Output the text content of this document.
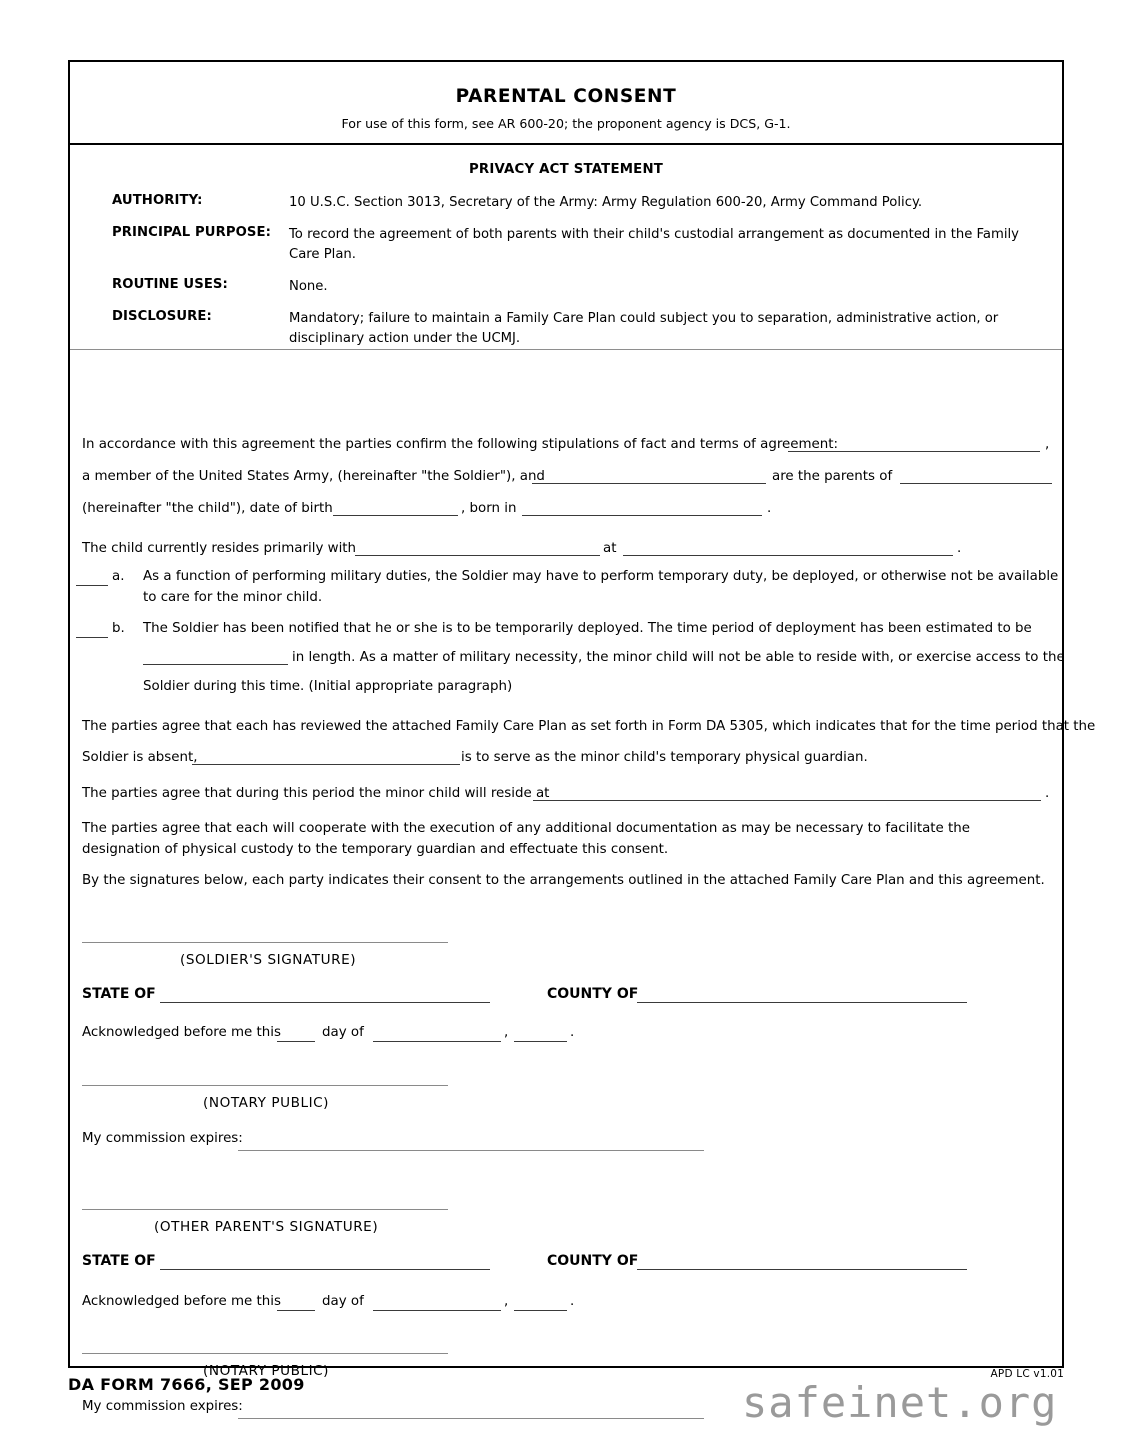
PARENTAL CONSENT
For use of this form, see AR 600-20; the proponent agency is DCS, G-1.
PRIVACY ACT STATEMENT
AUTHORITY:	10 U.S.C. Section 3013, Secretary of the Army: Army Regulation 600-20, Army Command Policy.
PRINCIPAL PURPOSE: To record the agreement of both parents with their child's custodial arrangement as documented in the Family Care Plan.
ROUTINE USES:	None.
DISCLOSURE:	Mandatory; failure to maintain a Family Care Plan could subject you to separation, administrative action, or disciplinary action under the UCMJ.
In accordance with this agreement the parties confirm the following stipulations of fact and terms of agreement:	,
a member of the United States Army, (hereinafter "the Soldier"), and	are the parents of
(hereinafter "the child"), date of birth	, born in	.
The child currently resides primarily with	at	.
a. As a function of performing military duties, the Soldier may have to perform temporary duty, be deployed, or otherwise not be available to care for the minor child.
b. The Soldier has been notified that he or she is to be temporarily deployed. The time period of deployment has been estimated to be
in length. As a matter of military necessity, the minor child will not be able to reside with, or exercise access to the
Soldier during this time. (Initial appropriate paragraph)
The parties agree that each has reviewed the attached Family Care Plan as set forth in Form DA 5305, which indicates that for the time period that the
Soldier is absent,	is to serve as the minor child's temporary physical guardian.
The parties agree that during this period the minor child will reside at	.
The parties agree that each will cooperate with the execution of any additional documentation as may be necessary to facilitate the designation of physical custody to the temporary guardian and effectuate this consent.
By the signatures below, each party indicates their consent to the arrangements outlined in the attached Family Care Plan and this agreement.
(SOLDIER'S SIGNATURE)
STATE OF	COUNTY OF
Acknowledged before me this	day of	,	.
(NOTARY PUBLIC)
My commission expires:
(OTHER PARENT'S SIGNATURE)
STATE OF	COUNTY OF
Acknowledged before me this	day of	,	.
(NOTARY PUBLIC)
My commission expires:
DA FORM 7666, SEP 2009
APD LC v1.01
safeinet.org
